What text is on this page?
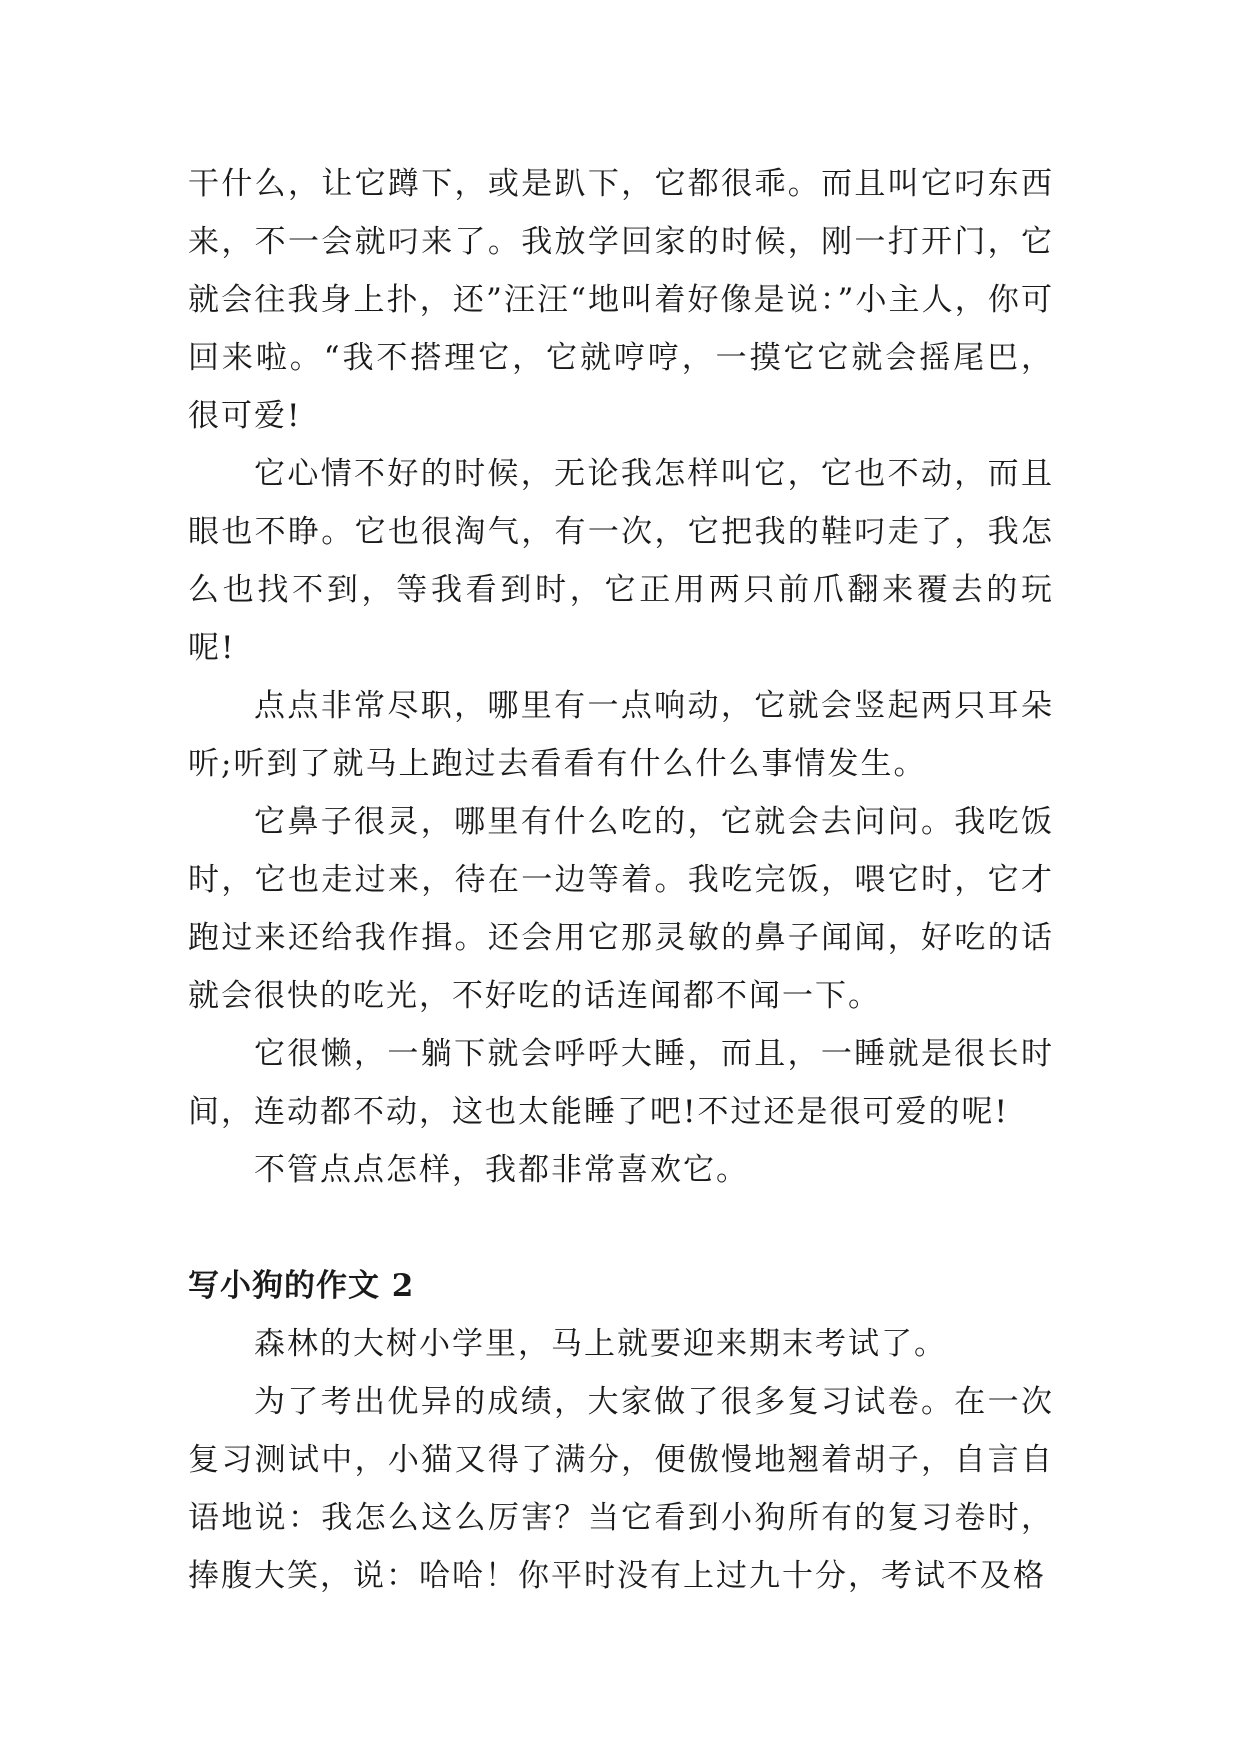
干什么，让它蹲下，或是趴下，它都很乖。而且叫它叼东西来，不一会就叼来了。我放学回家的时候，刚一打开门，它就会往我身上扑，还”汪汪“地叫着好像是说：”小主人，你可回来啦。“我不搭理它，它就哼哼，一摸它它就会摇尾巴，很可爱!

它心情不好的时候，无论我怎样叫它，它也不动，而且眼也不睁。它也很淘气，有一次，它把我的鞋叼走了，我怎么也找不到，等我看到时，它正用两只前爪翻来覆去的玩呢!

点点非常尽职，哪里有一点响动，它就会竖起两只耳朵听;听到了就马上跑过去看看有什么什么事情发生。

它鼻子很灵，哪里有什么吃的，它就会去问问。我吃饭时，它也走过来，待在一边等着。我吃完饭，喂它时，它才跑过来还给我作揖。还会用它那灵敏的鼻子闻闻，好吃的话就会很快的吃光，不好吃的话连闻都不闻一下。

它很懒，一躺下就会呼呼大睡，而且，一睡就是很长时间，连动都不动，这也太能睡了吧!不过还是很可爱的呢!

不管点点怎样，我都非常喜欢它。

写小狗的作文 2

森林的大树小学里，马上就要迎来期末考试了。

为了考出优异的成绩，大家做了很多复习试卷。在一次复习测试中，小猫又得了满分，便傲慢地翘着胡子，自言自语地说：我怎么这么厉害？当它看到小狗所有的复习卷时，捧腹大笑，说：哈哈！你平时没有上过九十分，考试不及格
